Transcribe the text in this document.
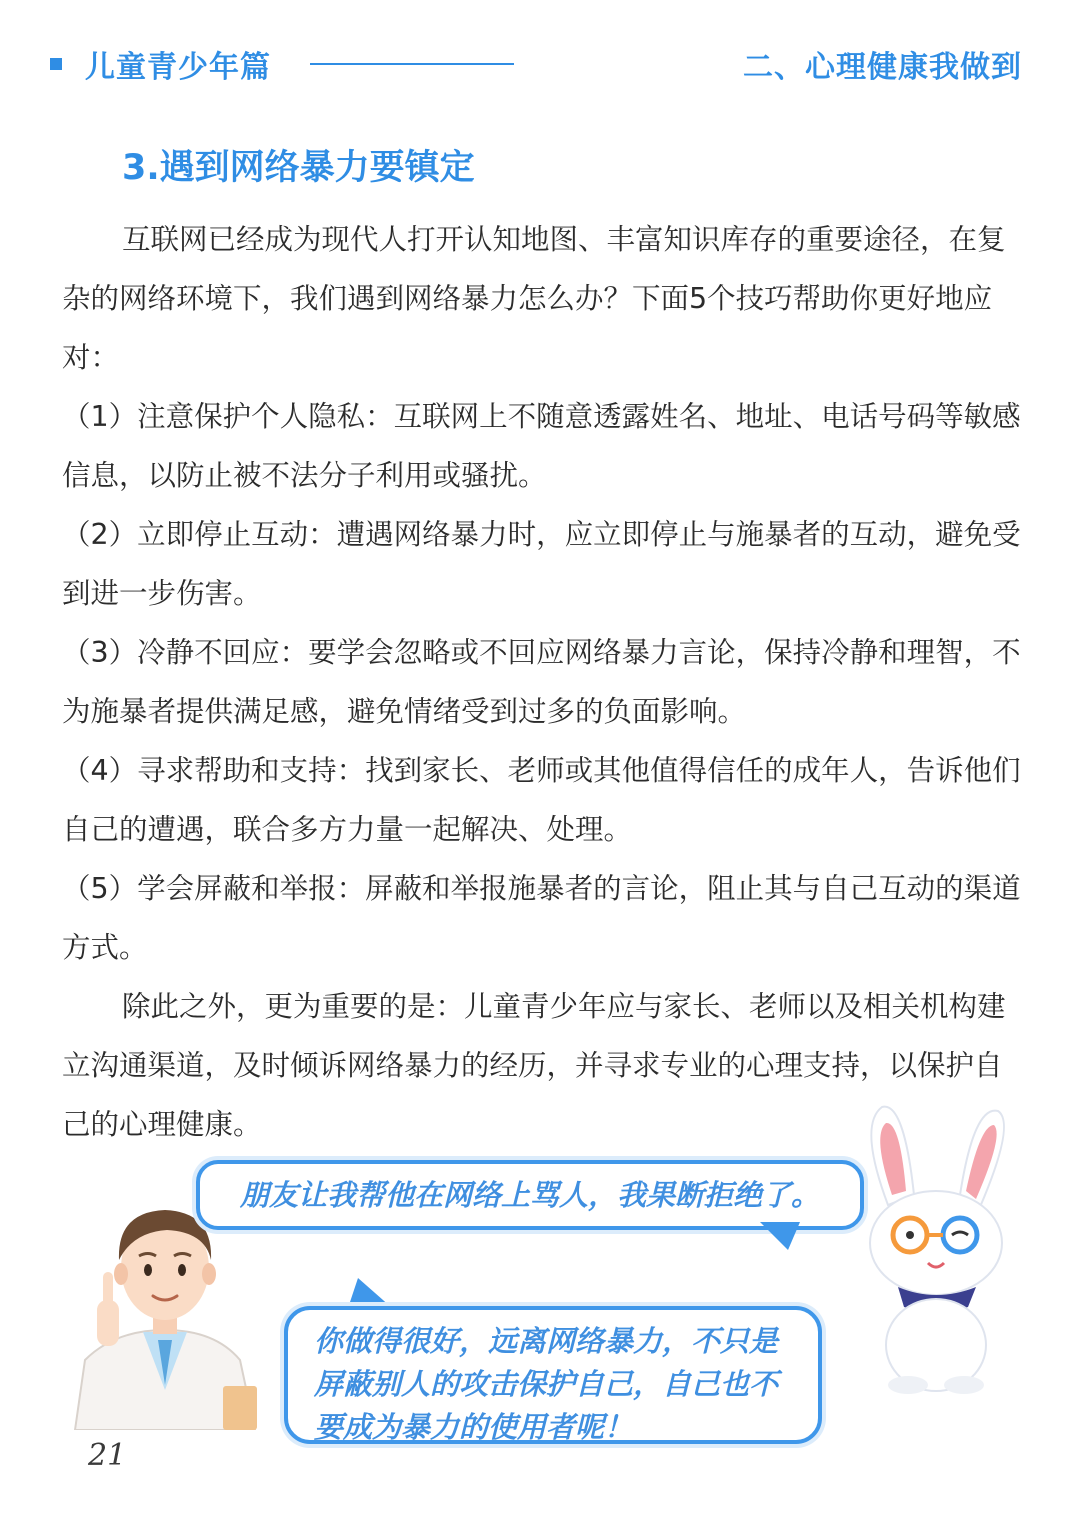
儿童青少年篇	二、心理健康我做到
3.遇到网络暴力要镇定

互联网已经成为现代人打开认知地图、丰富知识库存的重要途径，在复杂的网络环境下，我们遇到网络暴力怎么办？下面5个技巧帮助你更好地应对：

（1）注意保护个人隐私：互联网上不随意透露姓名、地址、电话号码等敏感信息，以防止被不法分子利用或骚扰。

（2）立即停止互动：遭遇网络暴力时，应立即停止与施暴者的互动，避免受到进一步伤害。

（3）冷静不回应：要学会忽略或不回应网络暴力言论，保持冷静和理智，不为施暴者提供满足感，避免情绪受到过多的负面影响。

（4）寻求帮助和支持：找到家长、老师或其他值得信任的成年人，告诉他们自己的遭遇，联合多方力量一起解决、处理。

（5）学会屏蔽和举报：屏蔽和举报施暴者的言论，阻止其与自己互动的渠道方式。

除此之外，更为重要的是：儿童青少年应与家长、老师以及相关机构建立沟通渠道，及时倾诉网络暴力的经历，并寻求专业的心理支持，以保护自己的心理健康。

朋友让我帮他在网络上骂人，我果断拒绝了。
你做得很好，远离网络暴力，不只是
屏蔽别人的攻击保护自己，自己也不
要成为暴力的使用者呢！
21
